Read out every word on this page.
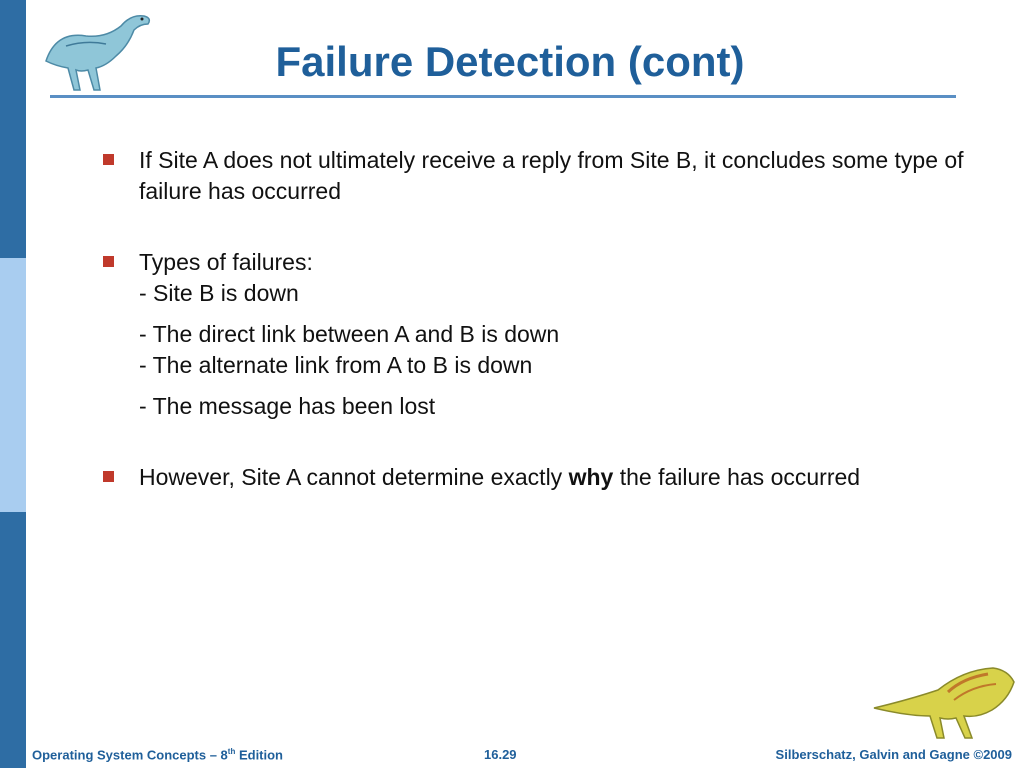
Failure Detection (cont)
If Site A does not ultimately receive a reply from Site B, it concludes some type of failure has occurred
Types of failures:
- Site B is down
- The direct link between A and B is down
- The alternate link from A to B is down
- The message has been lost
However, Site A cannot determine exactly why the failure has occurred
Operating System Concepts – 8th Edition	16.29	Silberschatz, Galvin and Gagne ©2009
